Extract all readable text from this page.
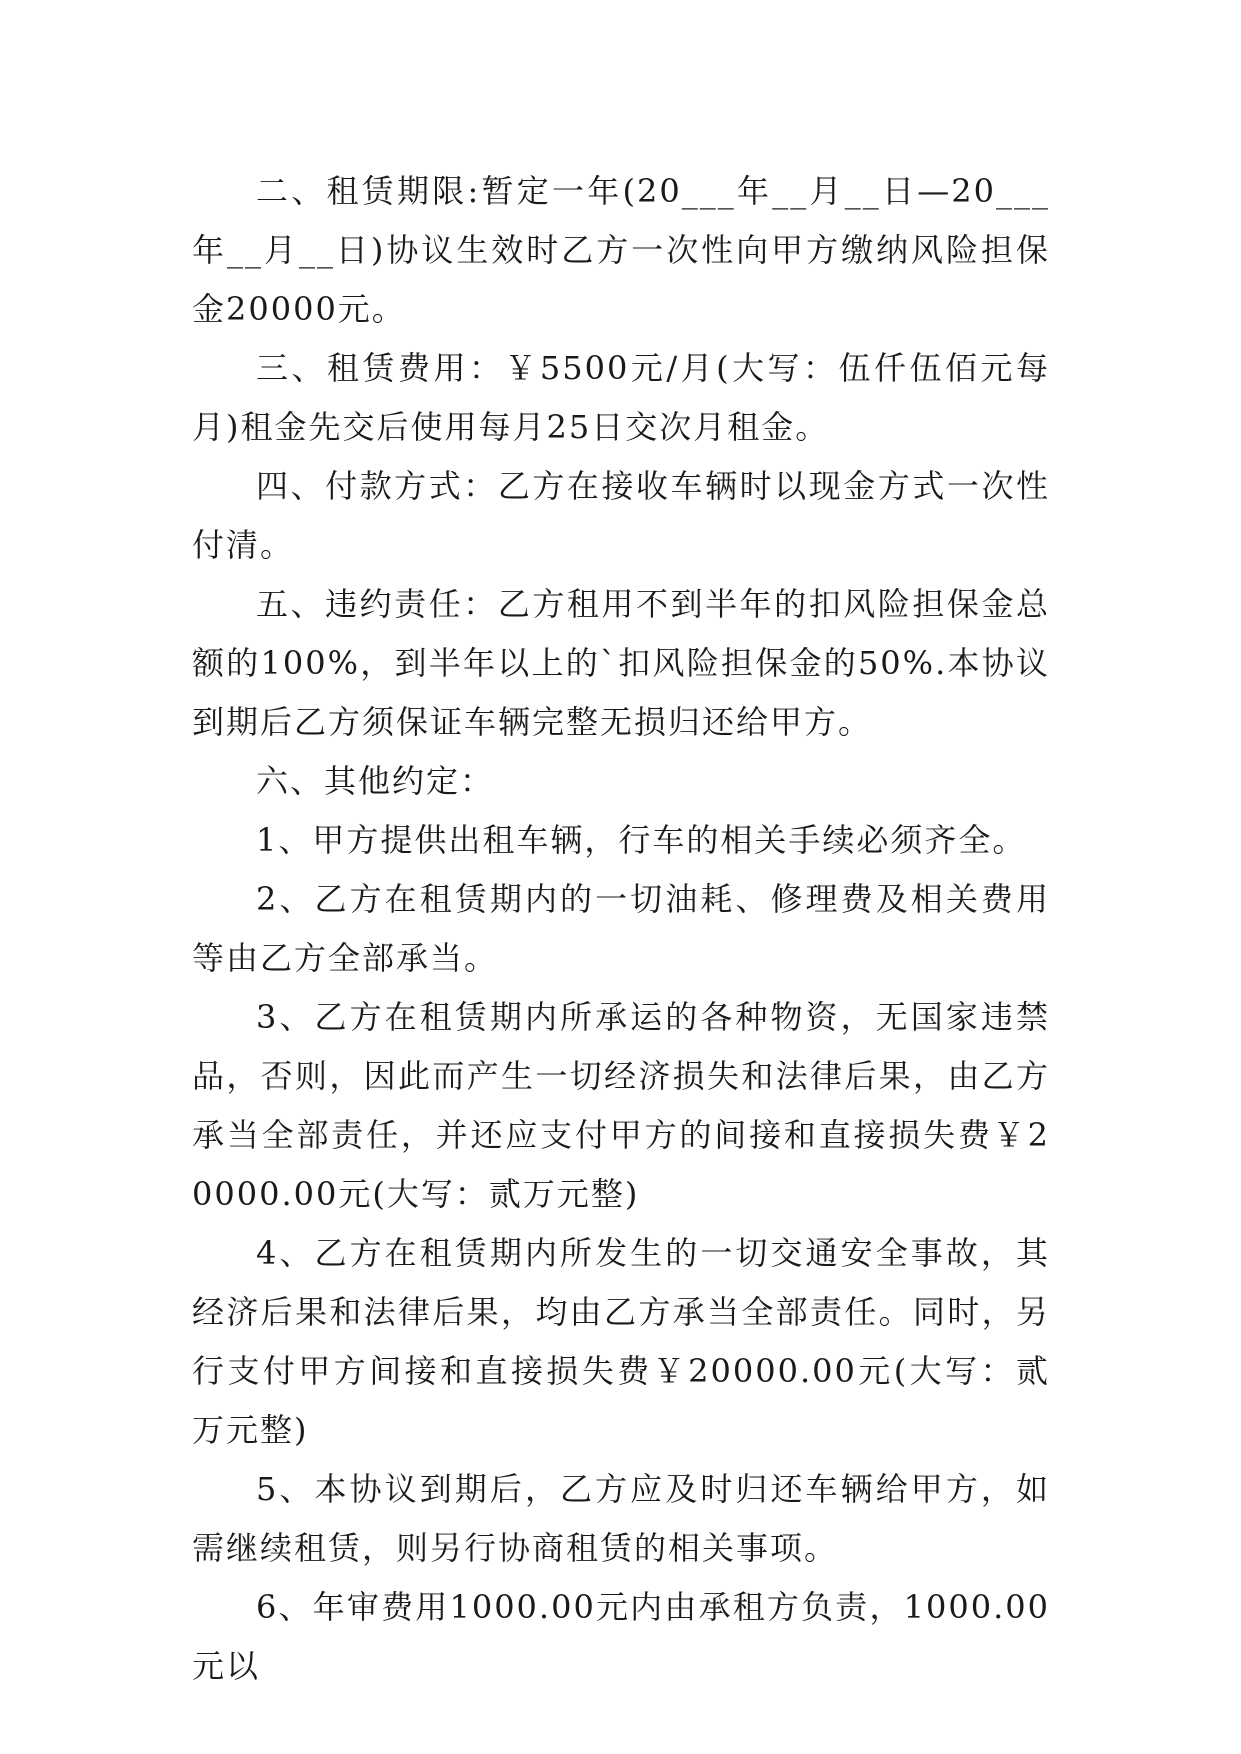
二、租赁期限:暂定一年(20___年__月__日—20___年__月__日)协议生效时乙方一次性向甲方缴纳风险担保金20000元。

三、租赁费用：￥5500元/月(大写：伍仟伍佰元每月)租金先交后使用每月25日交次月租金。

四、付款方式：乙方在接收车辆时以现金方式一次性付清。

五、违约责任：乙方租用不到半年的扣风险担保金总额的100%，到半年以上的`扣风险担保金的50%.本协议到期后乙方须保证车辆完整无损归还给甲方。

六、其他约定：

1、甲方提供出租车辆，行车的相关手续必须齐全。

2、乙方在租赁期内的一切油耗、修理费及相关费用等由乙方全部承当。

3、乙方在租赁期内所承运的各种物资，无国家违禁品，否则，因此而产生一切经济损失和法律后果，由乙方承当全部责任，并还应支付甲方的间接和直接损失费￥20000.00元(大写：贰万元整)

4、乙方在租赁期内所发生的一切交通安全事故，其经济后果和法律后果，均由乙方承当全部责任。同时，另行支付甲方间接和直接损失费￥20000.00元(大写：贰万元整)

5、本协议到期后，乙方应及时归还车辆给甲方，如需继续租赁，则另行协商租赁的相关事项。

6、年审费用1000.00元内由承租方负责，1000.00元以
